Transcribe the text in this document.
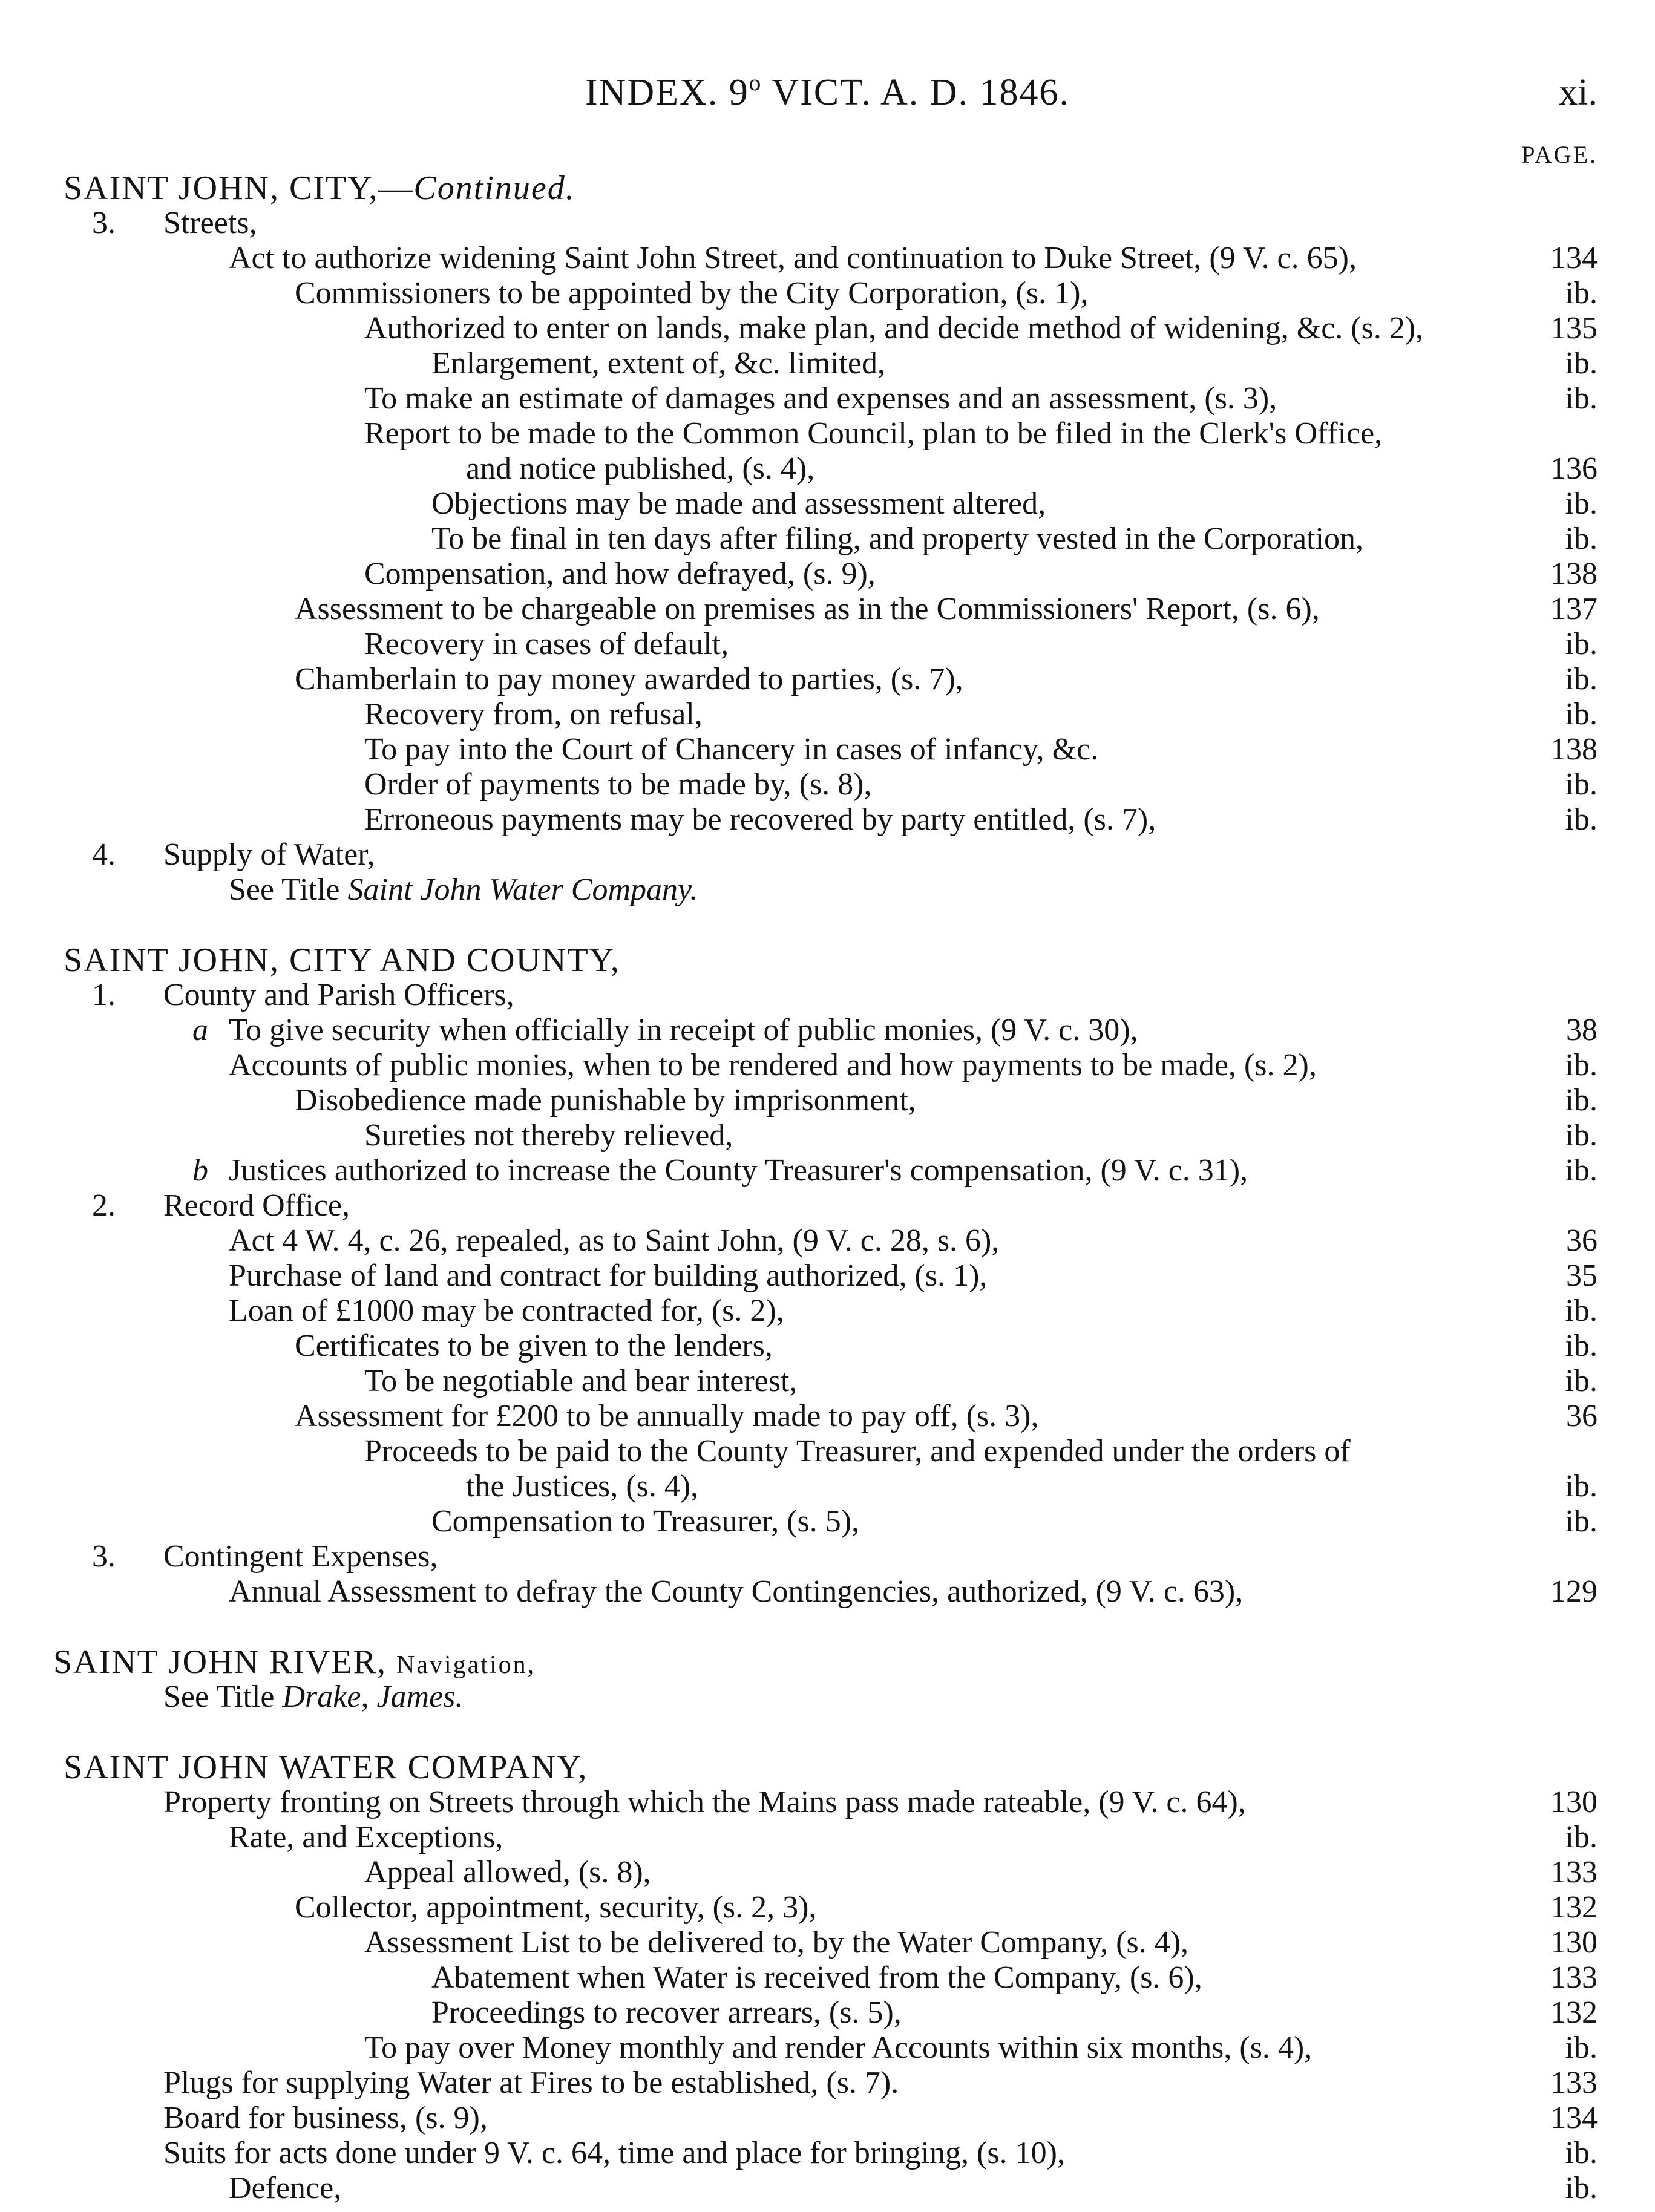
INDEX. 9º VICT. A. D. 1846.	xi.
PAGE.
SAINT JOHN, CITY,—Continued.
3. Streets,
Act to authorize widening Saint John Street, and continuation to Duke Street, (9 V. c. 65),	134
Commissioners to be appointed by the City Corporation, (s. 1),	ib.
Authorized to enter on lands, make plan, and decide method of widening, &c. (s. 2),	135
Enlargement, extent of, &c. limited,	ib.
To make an estimate of damages and expenses and an assessment, (s. 3),	ib.
Report to be made to the Common Council, plan to be filed in the Clerk's Office,
and notice published, (s. 4),	136
Objections may be made and assessment altered,	ib.
To be final in ten days after filing, and property vested in the Corporation,	ib.
Compensation, and how defrayed, (s. 9),	138
Assessment to be chargeable on premises as in the Commissioners' Report, (s. 6),	137
Recovery in cases of default,	ib.
Chamberlain to pay money awarded to parties, (s. 7),	ib.
Recovery from, on refusal,	ib.
To pay into the Court of Chancery in cases of infancy, &c.	138
Order of payments to be made by, (s. 8),	ib.
Erroneous payments may be recovered by party entitled, (s. 7),	ib.
4. Supply of Water,
See Title Saint John Water Company.
SAINT JOHN, CITY AND COUNTY,
1. County and Parish Officers,
a To give security when officially in receipt of public monies, (9 V. c. 30),	38
Accounts of public monies, when to be rendered and how payments to be made, (s. 2),	ib.
Disobedience made punishable by imprisonment,	ib.
Sureties not thereby relieved,	ib.
b Justices authorized to increase the County Treasurer's compensation, (9 V. c. 31),	ib.
2. Record Office,
Act 4 W. 4, c. 26, repealed, as to Saint John, (9 V. c. 28, s. 6),	36
Purchase of land and contract for building authorized, (s. 1),	35
Loan of £1000 may be contracted for, (s. 2),	ib.
Certificates to be given to the lenders,	ib.
To be negotiable and bear interest,	ib.
Assessment for £200 to be annually made to pay off, (s. 3),	36
Proceeds to be paid to the County Treasurer, and expended under the orders of
the Justices, (s. 4),	ib.
Compensation to Treasurer, (s. 5),	ib.
3. Contingent Expenses,
Annual Assessment to defray the County Contingencies, authorized, (9 V. c. 63),	129
SAINT JOHN RIVER, Navigation,
See Title Drake, James.
SAINT JOHN WATER COMPANY,
Property fronting on Streets through which the Mains pass made rateable, (9 V. c. 64),	130
Rate, and Exceptions,	ib.
Appeal allowed, (s. 8),	133
Collector, appointment, security, (s. 2, 3),	132
Assessment List to be delivered to, by the Water Company, (s. 4),	130
Abatement when Water is received from the Company, (s. 6),	133
Proceedings to recover arrears, (s. 5),	132
To pay over Money monthly and render Accounts within six months, (s. 4),	ib.
Plugs for supplying Water at Fires to be established, (s. 7).	133
Board for business, (s. 9),	134
Suits for acts done under 9 V. c. 64, time and place for bringing, (s. 10),	ib.
Defence,	ib.
